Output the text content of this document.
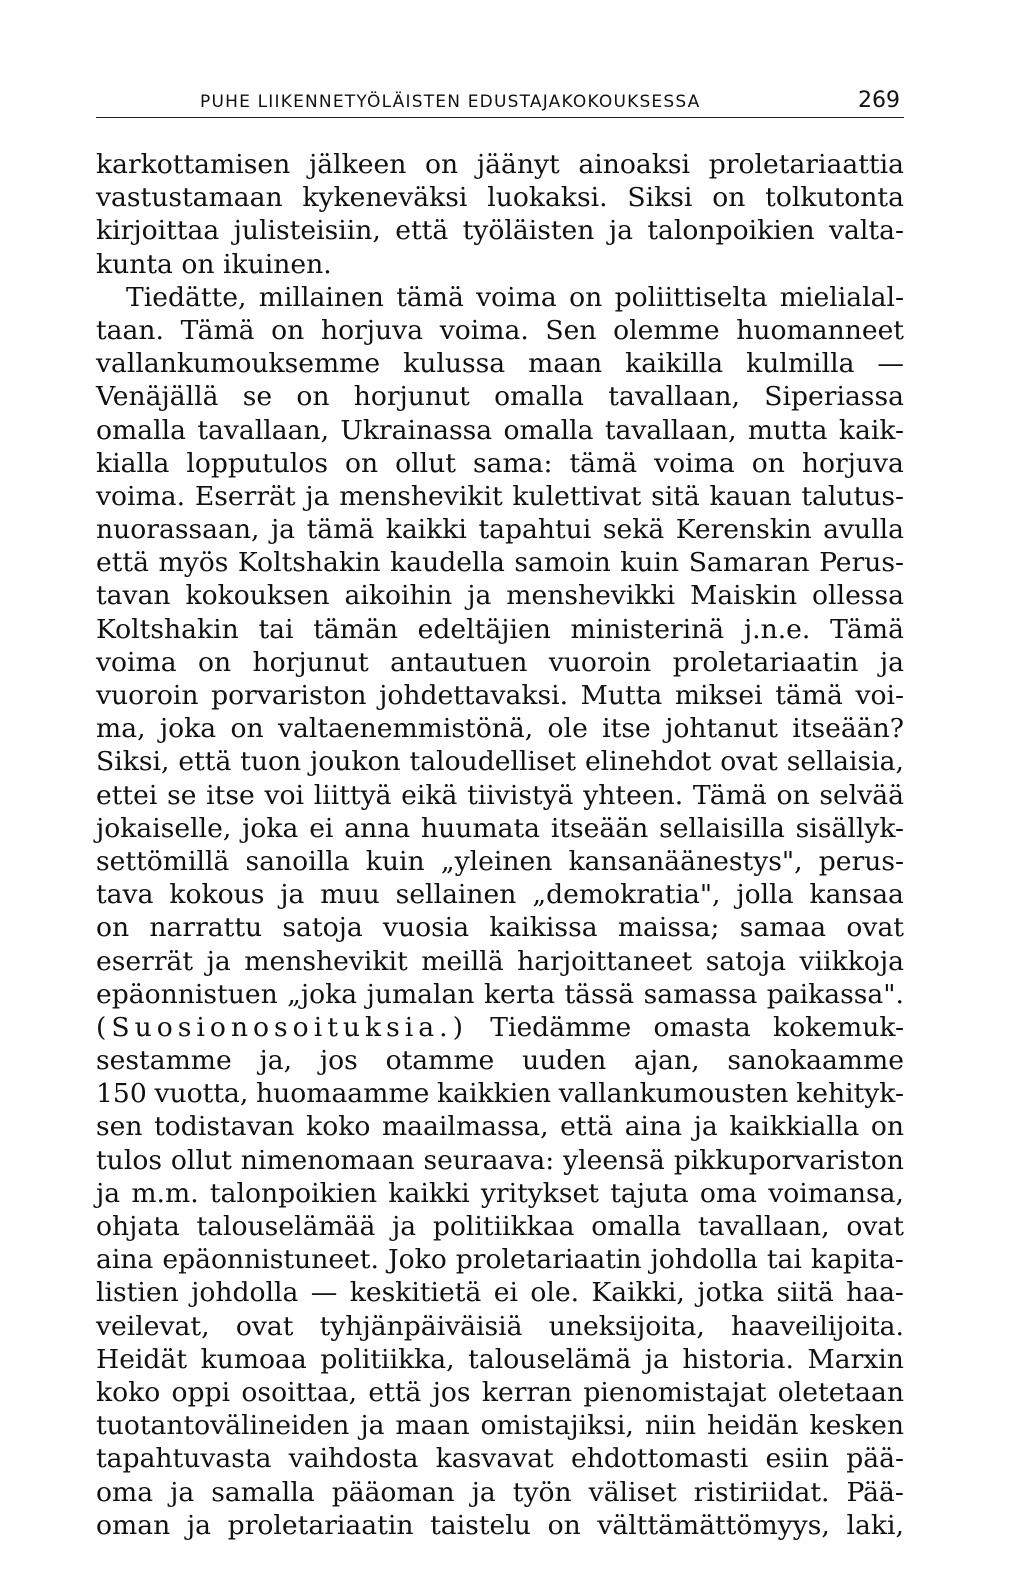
PUHE LIIKENNETYÖLÄISTEN EDUSTAJAKOKOUKSESSA	269
karkottamisen jälkeen on jäänyt ainoaksi proletariaattia
vastustamaan kykeneväksi luokaksi. Siksi on tolkutonta
kirjoittaa julisteisiin, että työläisten ja talonpoikien valta-
kunta on ikuinen.
Tiedätte, millainen tämä voima on poliittiselta mielialal-
taan. Tämä on horjuva voima. Sen olemme huomanneet
vallankumouksemme kulussa maan kaikilla kulmilla —
Venäjällä se on horjunut omalla tavallaan, Siperiassa
omalla tavallaan, Ukrainassa omalla tavallaan, mutta kaik-
kialla lopputulos on ollut sama: tämä voima on horjuva
voima. Eserrät ja menshevikit kulettivat sitä kauan talutus-
nuorassaan, ja tämä kaikki tapahtui sekä Kerenskin avulla
että myös Koltshakin kaudella samoin kuin Samaran Perus-
tavan kokouksen aikoihin ja menshevikki Maiskin ollessa
Koltshakin tai tämän edeltäjien ministerinä j.n.e. Tämä
voima on horjunut antautuen vuoroin proletariaatin ja
vuoroin porvariston johdettavaksi. Mutta miksei tämä voi-
ma, joka on valtaenemmistönä, ole itse johtanut itseään?
Siksi, että tuon joukon taloudelliset elinehdot ovat sellaisia,
ettei se itse voi liittyä eikä tiivistyä yhteen. Tämä on selvää
jokaiselle, joka ei anna huumata itseään sellaisilla sisällyk-
settömillä sanoilla kuin „yleinen kansanäänestys", perus-
tava kokous ja muu sellainen „demokratia", jolla kansaa
on narrattu satoja vuosia kaikissa maissa; samaa ovat
eserrät ja menshevikit meillä harjoittaneet satoja viikkoja
epäonnistuen „joka jumalan kerta tässä samassa paikassa".
(Suosionosoituksia.) Tiedämme omasta kokemuk-
sestamme ja, jos otamme uuden ajan, sanokaamme
150 vuotta, huomaamme kaikkien vallankumousten kehityk-
sen todistavan koko maailmassa, että aina ja kaikkialla on
tulos ollut nimenomaan seuraava: yleensä pikkuporvariston
ja m.m. talonpoikien kaikki yritykset tajuta oma voimansa,
ohjata talouselämää ja politiikkaa omalla tavallaan, ovat
aina epäonnistuneet. Joko proletariaatin johdolla tai kapita-
listien johdolla — keskitietä ei ole. Kaikki, jotka siitä haa-
veilevat, ovat tyhjänpäiväisiä uneksijoita, haaveilijoita.
Heidät kumoaa politiikka, talouselämä ja historia. Marxin
koko oppi osoittaa, että jos kerran pienomistajat oletetaan
tuotantovälineiden ja maan omistajiksi, niin heidän kesken
tapahtuvasta vaihdosta kasvavat ehdottomasti esiin pää-
oma ja samalla pääoman ja työn väliset ristiriidat. Pää-
oman ja proletariaatin taistelu on välttämättömyys, laki,
